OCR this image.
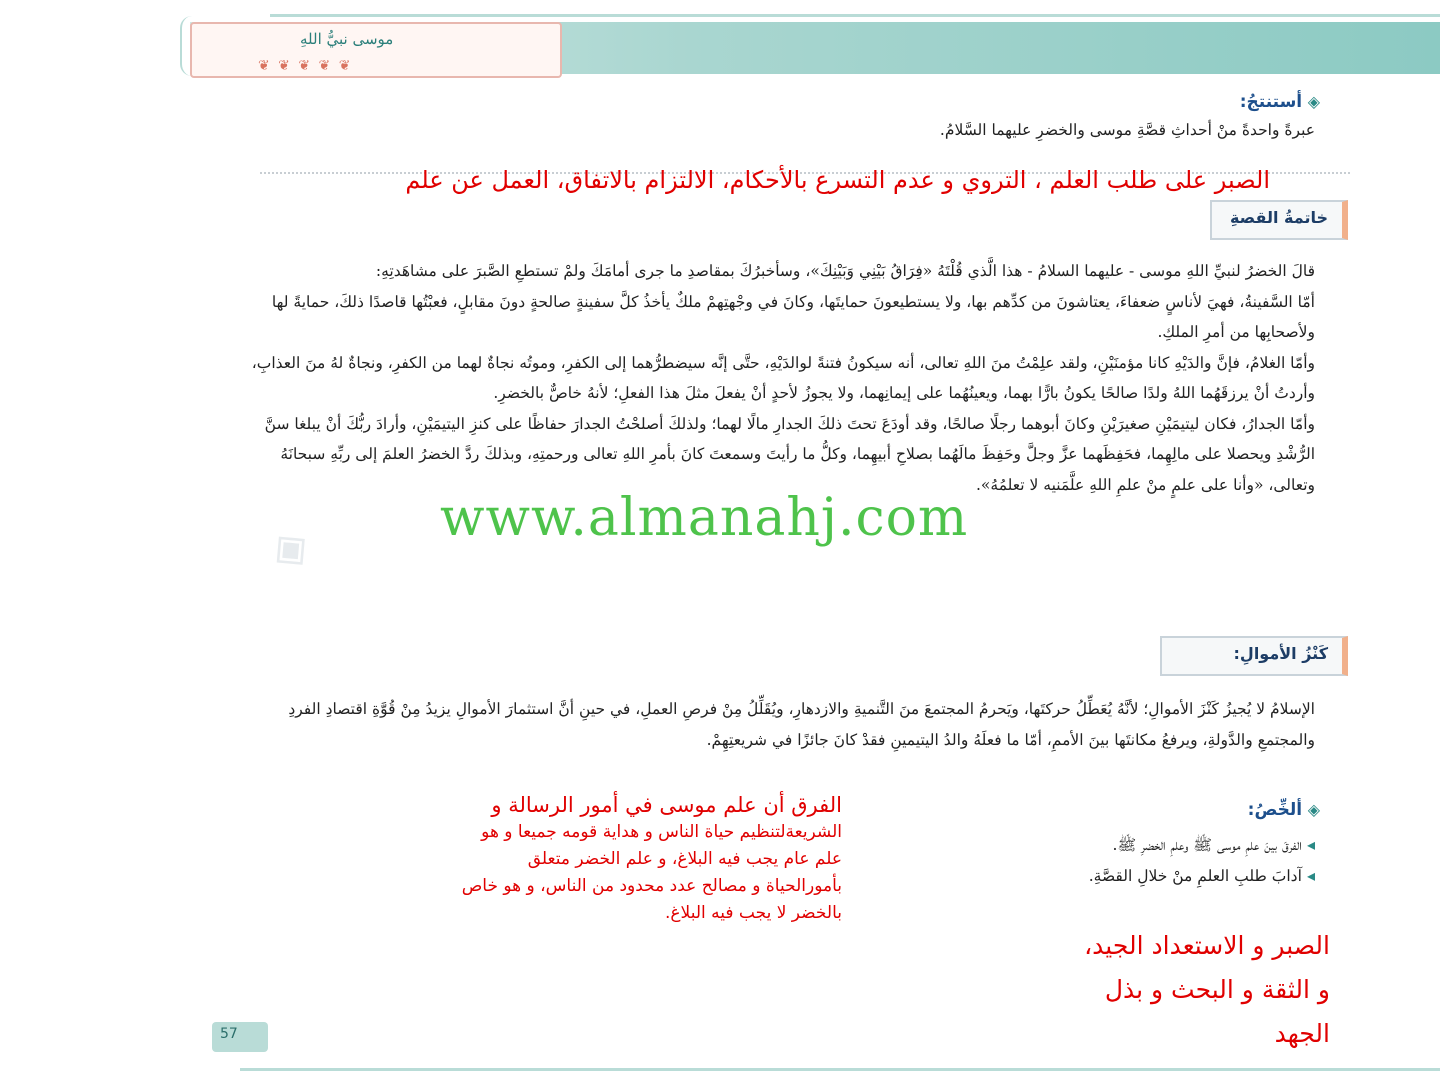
موسى نبيُّ اللهِ
❦ ❦ ❦ ❦ ❦
◈
◈ أستنتجُ:
عبرةً واحدةً منْ أحداثِ قصَّةِ موسى والخضرِ عليهما السَّلامُ.
الصبر على طلب العلم ، التروي و عدم التسرع بالأحكام، الالتزام بالاتفاق، العمل عن علم
خاتمةُ القصةِ
قالَ الخضرُ لنبيِّ اللهِ موسى - عليهما السلامُ - هذا الَّذي قُلْتَهُ «فِرَاقُ بَيْنِي وَبَيْنِكَ»، وسأخبرُكَ بمقاصدِ ما جرى أمامَكَ ولمْ تستطعِ الصَّبرَ على مشاهَدتِهِ:
أمّا السَّفينةُ، فهيَ لأناسٍ ضعفاءَ، يعتاشونَ من كدِّهم بها، ولا يستطيعونَ حمايتَها، وكانَ في وجْهتِهمْ ملكٌ يأخذُ كلَّ سفينةٍ صالحةٍ دونَ مقابلٍ، فعبْتُها قاصدًا ذلكَ، حمايةً لها ولأصحابِها من أمرِ الملكِ.
وأمّا الغلامُ، فإنَّ والدَيْهِ كانا مؤمنَيْنِ، ولقد علِمْتُ منَ اللهِ تعالى، أنه سيكونُ فتنةً لوالدَيْهِ، حتَّى إنَّه سيضطرُّهما إلى الكفرِ، وموتُه نجاةٌ لهما من الكفرِ، ونجاةٌ لهُ منَ العذابِ، وأردتُ أنْ يرزقَهُما اللهُ ولدًا صالحًا يكونُ بارًّا بهما، ويعينُهُما على إيمانِهما، ولا يجوزُ لأحدٍ أنْ يفعلَ مثلَ هذا الفعلِ؛ لأنهُ خاصٌّ بالخضرِ.
وأمّا الجدارُ، فكان ليتيمَيْنِ صغيرَيْنِ وكانَ أبوهما رجلًا صالحًا، وقد أودَعَ تحتَ ذلكَ الجدارِ مالًا لهما؛ ولذلكَ أصلحْتُ الجدارَ حفاظًا على كنزِ اليتيمَيْنِ، وأرادَ ربُّكَ أنْ يبلغا سنَّ الرُّشْدِ ويحصلا على مالِهِما، فحَفِظَهما عزَّ وجلَّ وحَفِظَ مالَهُما بصلاحِ أبيهِما، وكلُّ ما رأيتَ وسمعتَ كانَ بأمرِ اللهِ تعالى ورحمتِهِ، وبذلكَ ردَّ الخضرُ العلمَ إلى ربِّهِ سبحانَهُ وتعالى، «وأنا على علمٍ منْ علمِ اللهِ علَّمَنيه لا تعلمُهُ».
www.almanahj.com
كَنْزُ الأموالِ:
الإسلامُ لا يُجيزُ كَنْزَ الأموالِ؛ لأنَّهُ يُعَطِّلُ حركتَها، ويَحرمُ المجتمعَ منَ التَّنميةِ والازدهارِ، ويُقَلِّلُ مِنْ فرصِ العملِ، في حينِ أنَّ استثمارَ الأموالِ يزيدُ مِنْ قُوَّةِ اقتصادِ الفردِ والمجتمعِ والدَّولةِ، ويرفعُ مكانتَها بينَ الأممِ، أمّا ما فعلَهُ والدُ اليتيمينِ فقدْ كانَ جائزًا في شريعتِهِمْ.
◈ ألخِّصُ:
◂ الفرقَ بينَ علمِ موسى ﷺ وعلمِ الخضرِ ﷺ.
◂ آدابَ طلبِ العلمِ منْ خلالِ القصَّةِ.
الفرق أن علم موسى في أمور الرسالة و
الشريعةلتنظيم حياة الناس و هداية قومه جميعا و هو
علم عام يجب فيه البلاغ، و علم الخضر متعلق
بأمورالحياة و مصالح عدد محدود من الناس، و هو خاص
بالخضر لا يجب فيه البلاغ.
الصبر و الاستعداد الجيد،
و الثقة و البحث و بذل
الجهد
57
